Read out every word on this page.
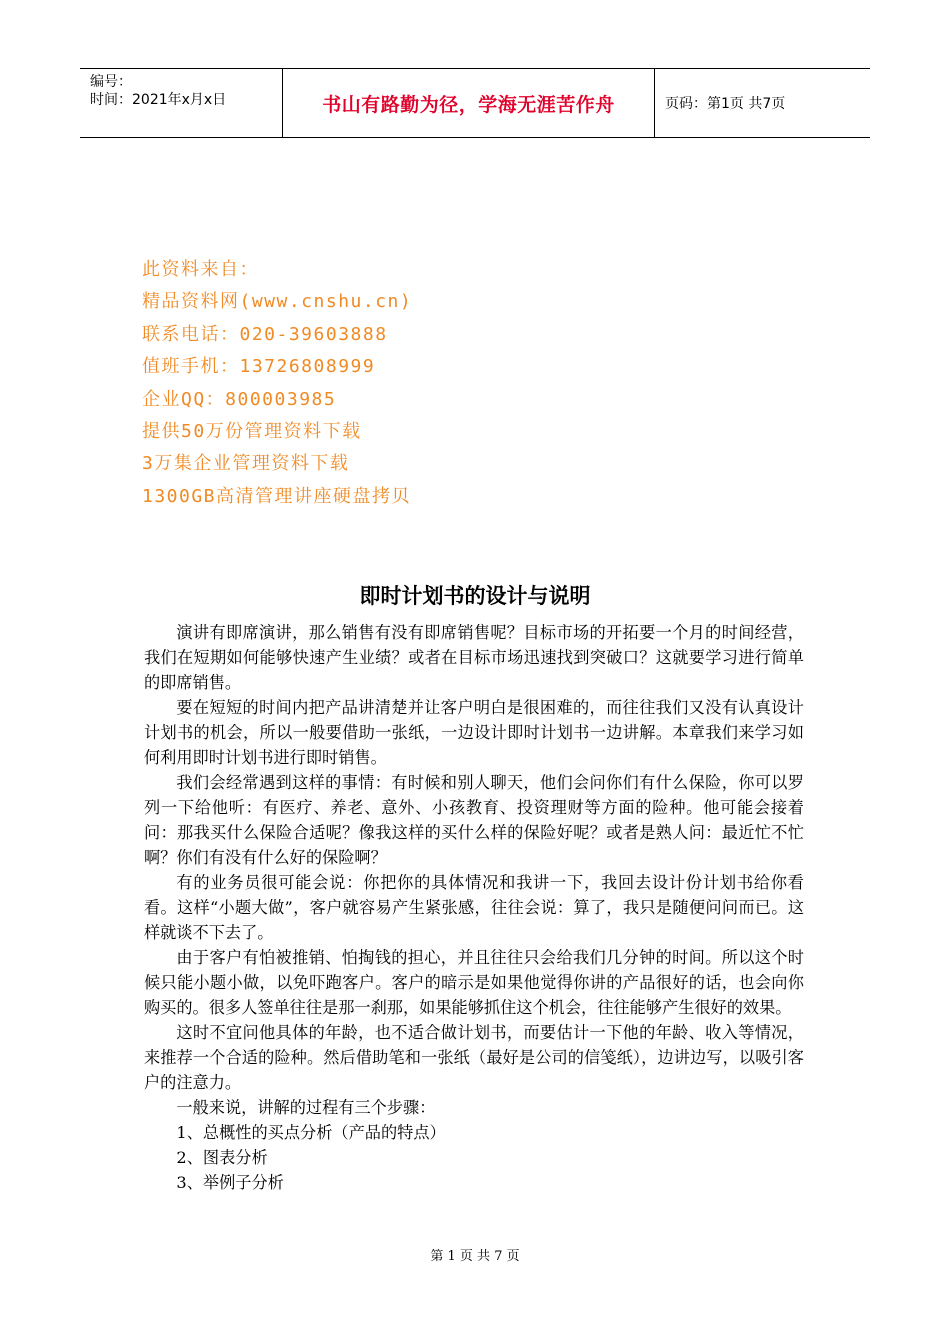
编号：
时间：2021年x月x日	书山有路勤为径，学海无涯苦作舟	页码：第1页 共7页
此资料来自：
精品资料网(www.cnshu.cn)
联系电话：020-39603888
值班手机：13726808999
企业QQ：800003985
提供50万份管理资料下载
3万集企业管理资料下载
1300GB高清管理讲座硬盘拷贝
即时计划书的设计与说明

演讲有即席演讲，那么销售有没有即席销售呢？目标市场的开拓要一个月的时间经营，我们在短期如何能够快速产生业绩？或者在目标市场迅速找到突破口？这就要学习进行简单的即席销售。

要在短短的时间内把产品讲清楚并让客户明白是很困难的，而往往我们又没有认真设计计划书的机会，所以一般要借助一张纸，一边设计即时计划书一边讲解。本章我们来学习如何利用即时计划书进行即时销售。

我们会经常遇到这样的事情：有时候和别人聊天，他们会问你们有什么保险，你可以罗列一下给他听：有医疗、养老、意外、小孩教育、投资理财等方面的险种。他可能会接着问：那我买什么保险合适呢？像我这样的买什么样的保险好呢？或者是熟人问：最近忙不忙啊？你们有没有什么好的保险啊？

有的业务员很可能会说：你把你的具体情况和我讲一下，我回去设计份计划书给你看看。这样“小题大做”，客户就容易产生紧张感，往往会说：算了，我只是随便问问而已。这样就谈不下去了。

由于客户有怕被推销、怕掏钱的担心，并且往往只会给我们几分钟的时间。所以这个时候只能小题小做，以免吓跑客户。客户的暗示是如果他觉得你讲的产品很好的话，也会向你购买的。很多人签单往往是那一刹那，如果能够抓住这个机会，往往能够产生很好的效果。

这时不宜问他具体的年龄，也不适合做计划书，而要估计一下他的年龄、收入等情况，来推荐一个合适的险种。然后借助笔和一张纸（最好是公司的信笺纸），边讲边写，以吸引客户的注意力。

一般来说，讲解的过程有三个步骤：

1、总概性的买点分析（产品的特点）

2、图表分析

3、举例子分析

第 1 页 共 7 页
